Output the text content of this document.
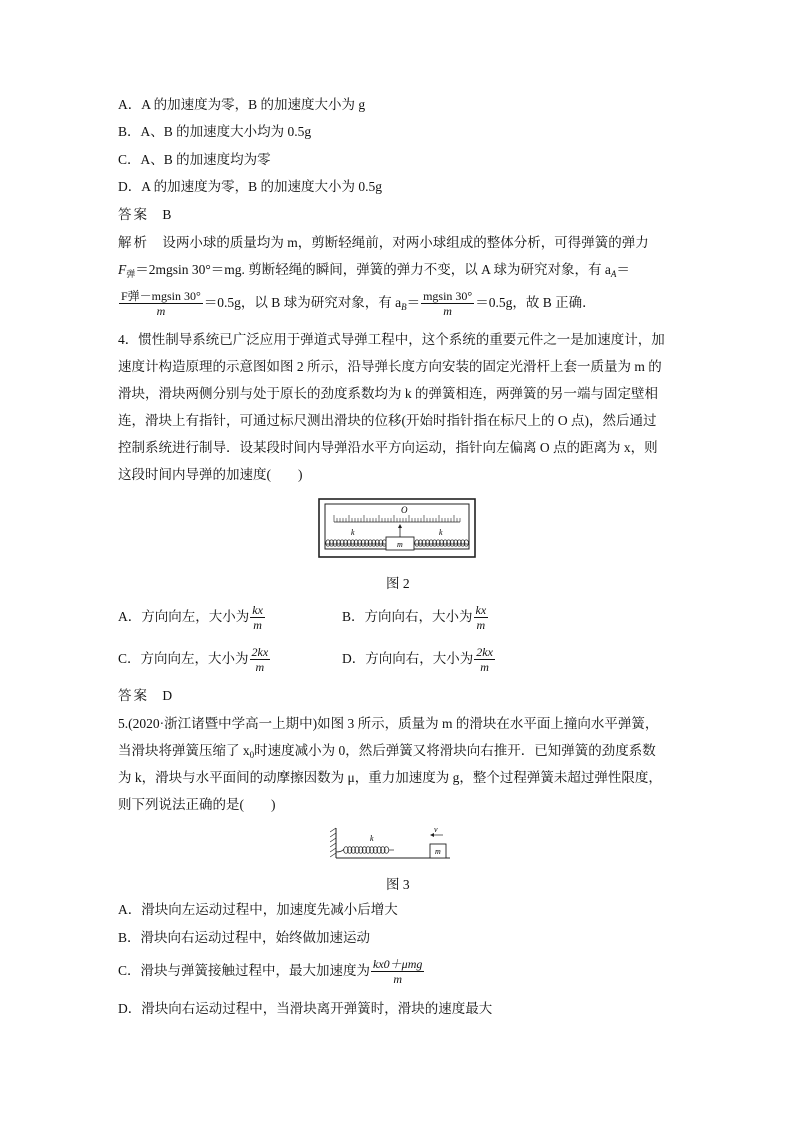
A．A 的加速度为零，B 的加速度大小为 g
B．A、B 的加速度大小均为 0.5g
C．A、B 的加速度均为零
D．A 的加速度为零，B 的加速度大小为 0.5g
答案 B
解析 设两小球的质量均为 m，剪断轻绳前，对两小球组成的整体分析，可得弹簧的弹力
$F_弹=2mgsin$ 30°＝mg. 剪断轻绳的瞬间，弹簧的弹力不变，以 A 球为研究对象，有 $a_A=$
$\frac{\text{F弹－mgsin 30°}}{m} =0.5g$，以 B 球为研究对象，有 $a_B= \frac{mgsin 30^\circ}{m} =0.5g$，故 B 正确．
4．惯性制导系统已广泛应用于弹道式导弹工程中，这个系统的重要元件之一是加速度计，加
速度计构造原理的示意图如图 2 所示，沿导弹长度方向安装的固定光滑杆上套一质量为 m 的
滑块，滑块两侧分别与处于原长的劲度系数均为 k 的弹簧相连，两弹簧的另一端与固定壁相
连，滑块上有指针，可通过标尺测出滑块的位移(开始时指针指在标尺上的 O 点)，然后通过
控制系统进行制导．设某段时间内导弹沿水平方向运动，指针向左偏离 O 点的距离为 x，则
这段时间内导弹的加速度(　　)
O
m
k	k
图 2
A．方向向左，大小为 $\frac{kx}{m}$	B．方向向右，大小为 $\frac{kx}{m}$
C．方向向左，大小为 $\frac{2kx}{m}$	D．方向向右，大小为 $\frac{2kx}{m}$
答案 D
5.(2020·浙江诸暨中学高一上期中)如图 3 所示，质量为 m 的滑块在水平面上撞向水平弹簧，
当滑块将弹簧压缩了 $x_0$时速度减小为 0，然后弹簧又将滑块向右推开．已知弹簧的劲度系数
为 k，滑块与水平面间的动摩擦因数为 μ，重力加速度为 g，整个过程弹簧未超过弹性限度，
则下列说法正确的是(　　)
k
m
v
图 3
A．滑块向左运动过程中，加速度先减小后增大
B．滑块向右运动过程中，始终做加速运动
C．滑块与弹簧接触过程中，最大加速度为 $\frac{\text{kx0＋μmg}}{m}$
D．滑块向右运动过程中，当滑块离开弹簧时，滑块的速度最大
